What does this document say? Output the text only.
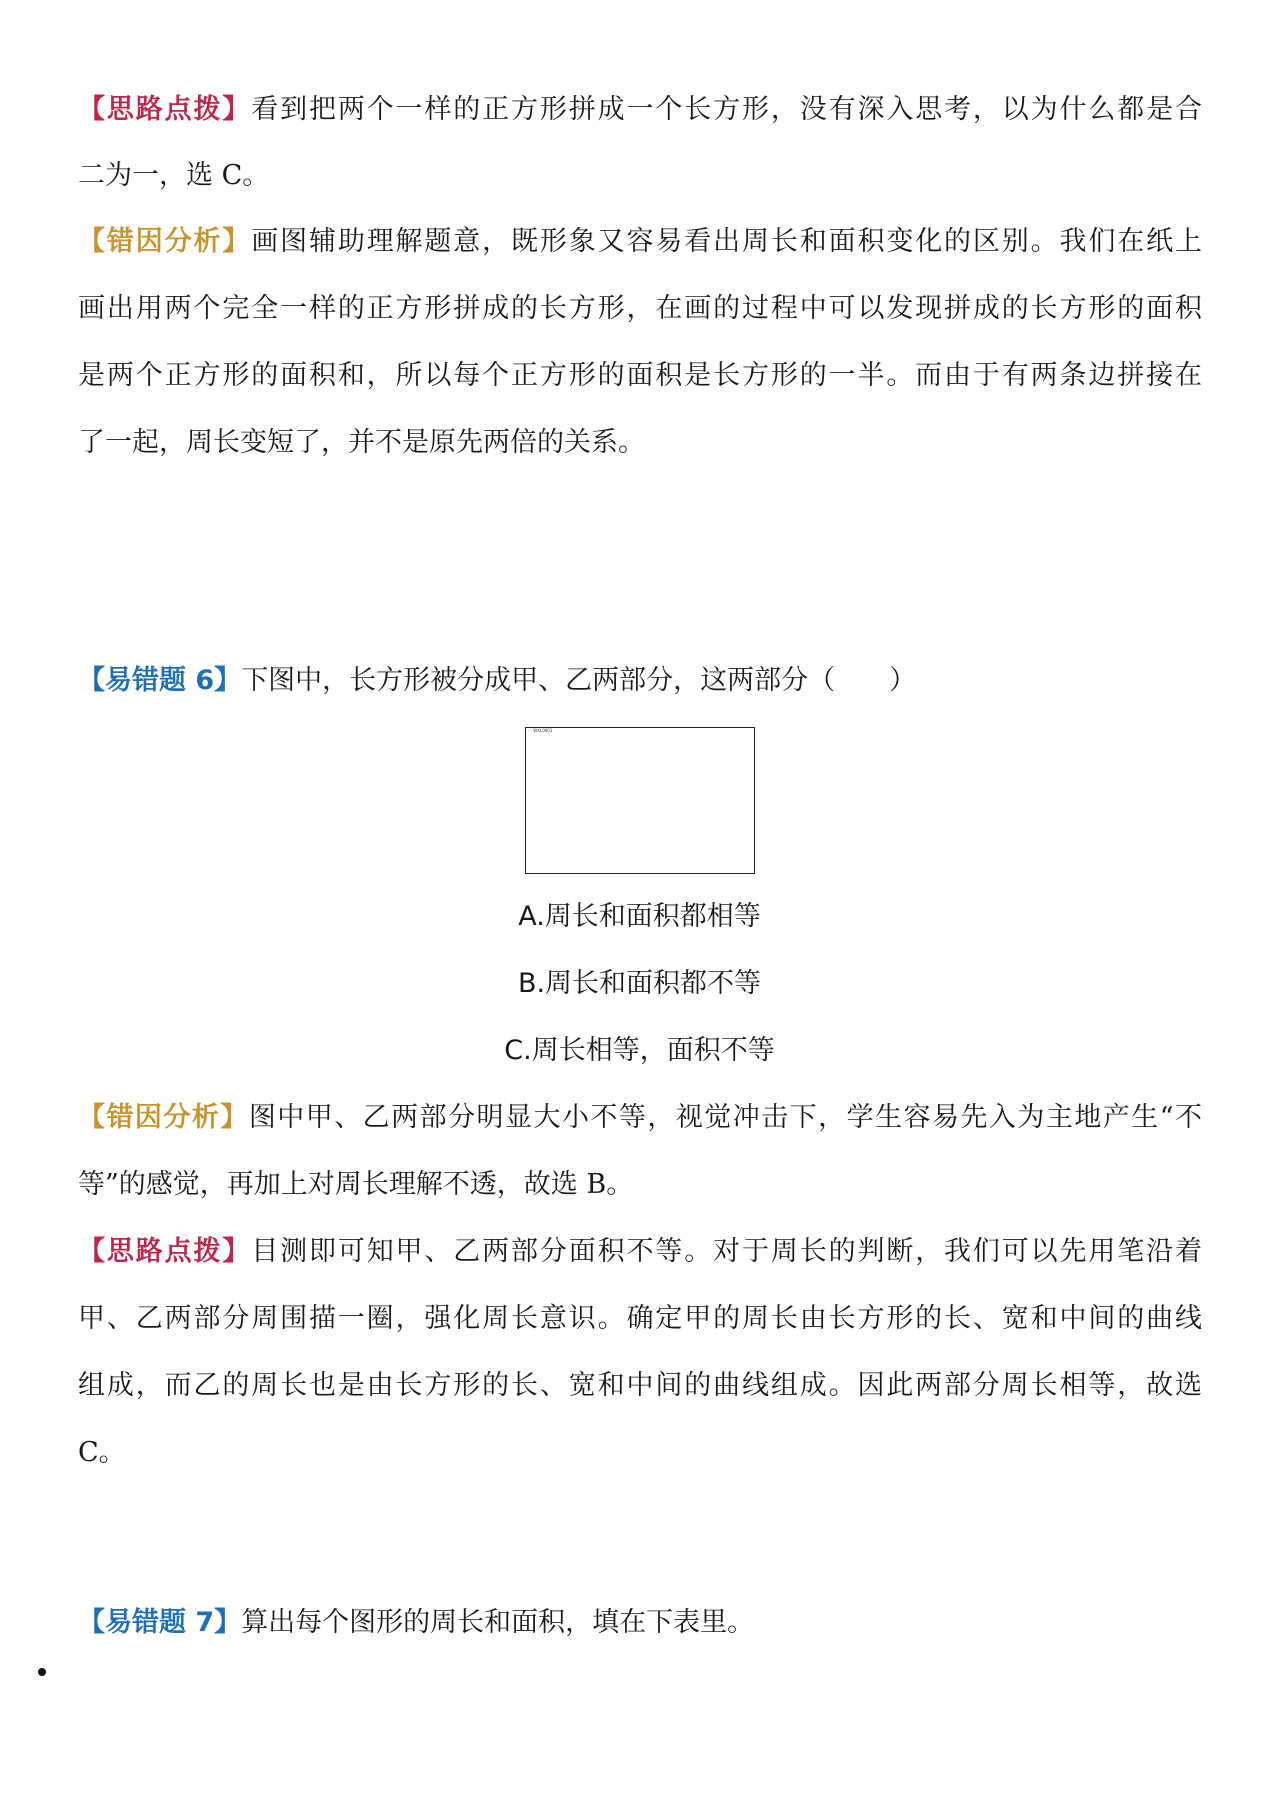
【思路点拨】看到把两个一样的正方形拼成一个长方形，没有深入思考，以为什么都是合
二为一，选 C。
【错因分析】画图辅助理解题意，既形象又容易看出周长和面积变化的区别。我们在纸上
画出用两个完全一样的正方形拼成的长方形，在画的过程中可以发现拼成的长方形的面积
是两个正方形的面积和，所以每个正方形的面积是长方形的一半。而由于有两条边拼接在
了一起，周长变短了，并不是原先两倍的关系。
【易错题 6】下图中，长方形被分成甲、乙两部分，这两部分（　　）
一 WXL0001
A.周长和面积都相等
B.周长和面积都不等
C.周长相等，面积不等
【错因分析】图中甲、乙两部分明显大小不等，视觉冲击下，学生容易先入为主地产生“不
等”的感觉，再加上对周长理解不透，故选 B。
【思路点拨】目测即可知甲、乙两部分面积不等。对于周长的判断，我们可以先用笔沿着
甲、乙两部分周围描一圈，强化周长意识。确定甲的周长由长方形的长、宽和中间的曲线
组成，而乙的周长也是由长方形的长、宽和中间的曲线组成。因此两部分周长相等，故选
C。
【易错题 7】算出每个图形的周长和面积，填在下表里。
